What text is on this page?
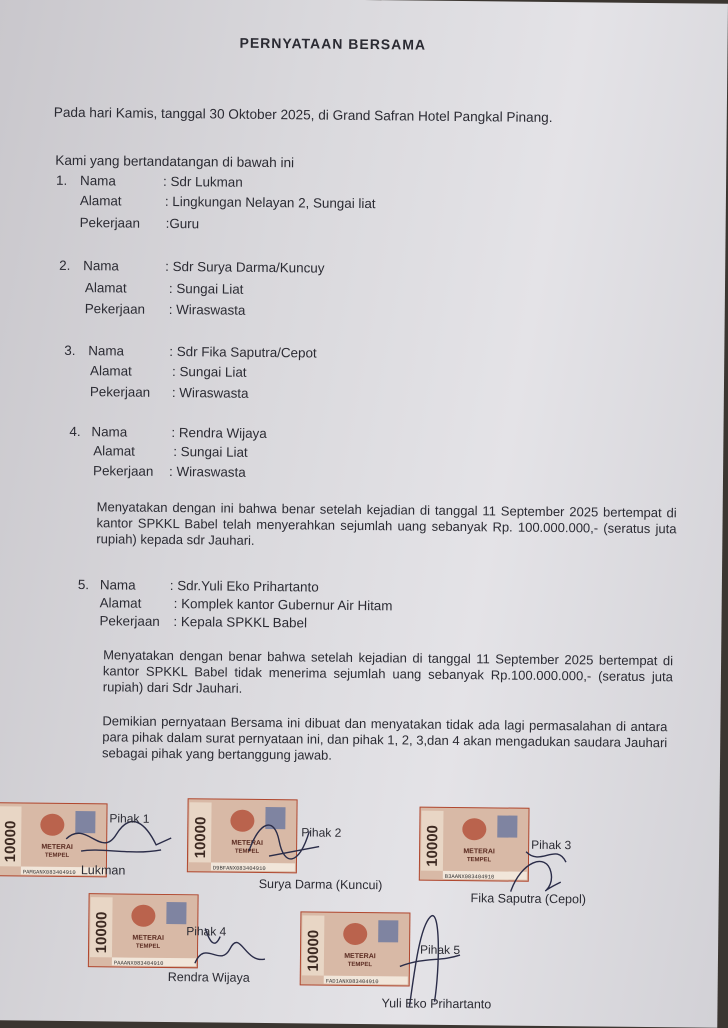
PERNYATAAN BERSAMA
Pada hari Kamis, tanggal 30 Oktober 2025, di Grand Safran Hotel Pangkal Pinang.
Kami yang bertandatangan di bawah ini
1. Nama	: Sdr Lukman
Alamat	: Lingkungan Nelayan 2, Sungai liat
Pekerjaan :Guru
2. Nama	: Sdr Surya Darma/Kuncuy
Alamat	: Sungai Liat
Pekerjaan : Wiraswasta
3. Nama	: Sdr Fika Saputra/Cepot
Alamat	: Sungai Liat
Pekerjaan : Wiraswasta
4. Nama	: Rendra Wijaya
Alamat	: Sungai Liat
Pekerjaan : Wiraswasta
Menyatakan dengan ini bahwa benar setelah kejadian di tanggal 11 September 2025 bertempat di kantor SPKKL Babel telah menyerahkan sejumlah uang sebanyak Rp. 100.000.000,- (seratus juta rupiah) kepada sdr Jauhari.
5. Nama	: Sdr.Yuli Eko Prihartanto
Alamat : Komplek kantor Gubernur Air Hitam
Pekerjaan : Kepala SPKKL Babel
Menyatakan dengan benar bahwa setelah kejadian di tanggal 11 September 2025 bertempat di kantor SPKKL Babel tidak menerima sejumlah uang sebanyak Rp.100.000.000,- (seratus juta rupiah) dari Sdr Jauhari.
Demikian pernyataan Bersama ini dibuat dan menyatakan tidak ada lagi permasalahan di antara para pihak dalam surat pernyataan ini, dan pihak 1, 2, 3,dan 4 akan mengadukan saudara Jauhari sebagai pihak yang bertanggung jawab.
10000	METERAI
TEMPEL
PAMGANX083404910
Pihak 1
Lukman
10000	METERAI
TEMPEL
D9BFANX083404910
Pihak 2
Surya Darma (Kuncui)
10000	METERAI
TEMPEL
B3AANX083404910
Pihak 3
Fika Saputra (Cepol)
10000	METERAI
TEMPEL
PAAANX083404910
Pihak 4
Rendra Wijaya
10000	METERAI
TEMPEL
FAD1ANX083404910
Pihak 5
Yuli Eko Prihartanto
